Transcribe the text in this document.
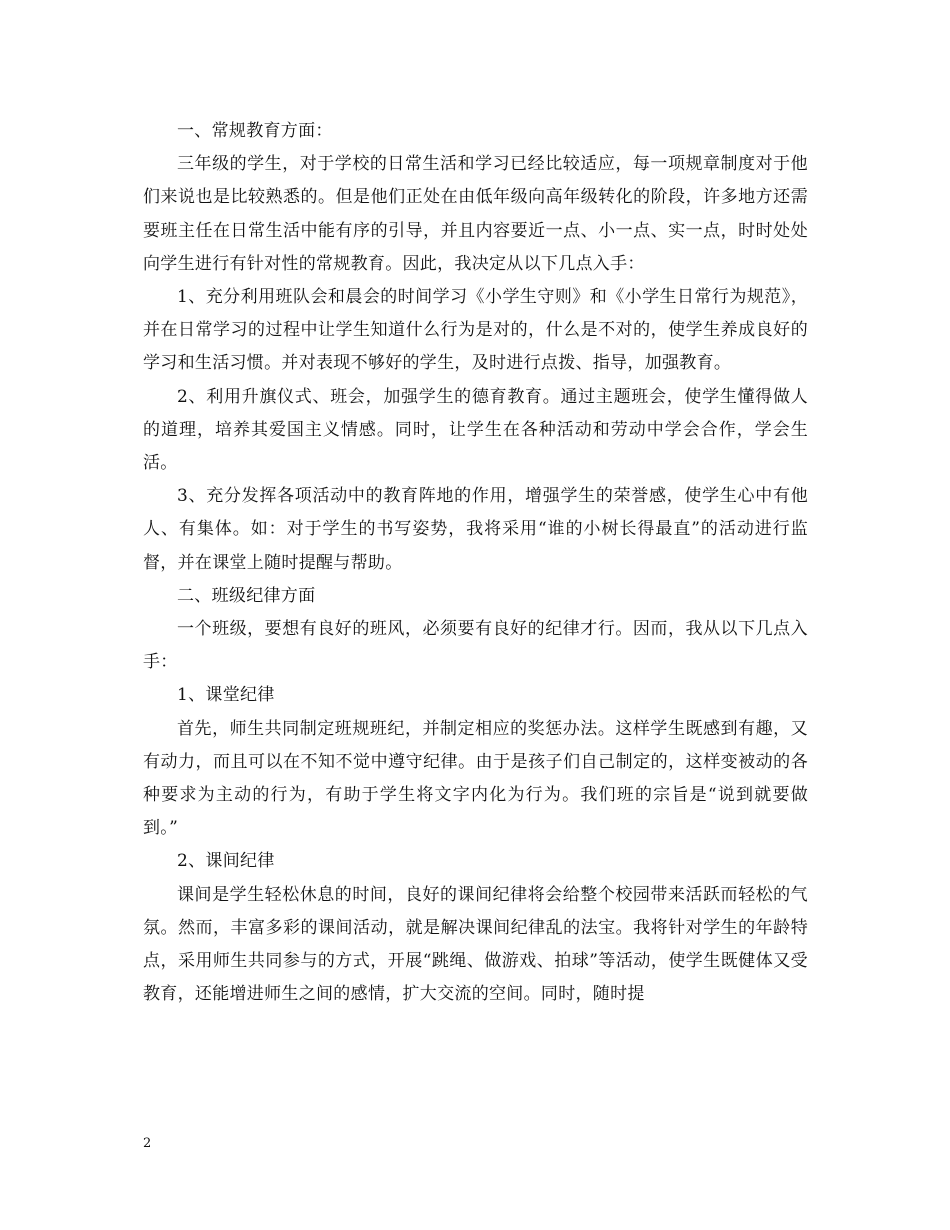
一、常规教育方面：

三年级的学生，对于学校的日常生活和学习已经比较适应，每一项规章制度对于他们来说也是比较熟悉的。但是他们正处在由低年级向高年级转化的阶段，许多地方还需要班主任在日常生活中能有序的引导，并且内容要近一点、小一点、实一点，时时处处向学生进行有针对性的常规教育。因此，我决定从以下几点入手：

1、充分利用班队会和晨会的时间学习《小学生守则》和《小学生日常行为规范》，并在日常学习的过程中让学生知道什么行为是对的，什么是不对的，使学生养成良好的学习和生活习惯。并对表现不够好的学生，及时进行点拨、指导，加强教育。

2、利用升旗仪式、班会，加强学生的德育教育。通过主题班会，使学生懂得做人的道理，培养其爱国主义情感。同时，让学生在各种活动和劳动中学会合作，学会生活。

3、充分发挥各项活动中的教育阵地的作用，增强学生的荣誉感，使学生心中有他人、有集体。如：对于学生的书写姿势，我将采用“谁的小树长得最直”的活动进行监督，并在课堂上随时提醒与帮助。

二、班级纪律方面

一个班级，要想有良好的班风，必须要有良好的纪律才行。因而，我从以下几点入手：

1、课堂纪律

首先，师生共同制定班规班纪，并制定相应的奖惩办法。这样学生既感到有趣，又有动力，而且可以在不知不觉中遵守纪律。由于是孩子们自己制定的，这样变被动的各种要求为主动的行为，有助于学生将文字内化为行为。我们班的宗旨是“说到就要做到。”

2、课间纪律

课间是学生轻松休息的时间，良好的课间纪律将会给整个校园带来活跃而轻松的气氛。然而，丰富多彩的课间活动，就是解决课间纪律乱的法宝。我将针对学生的年龄特点，采用师生共同参与的方式，开展“跳绳、做游戏、拍球”等活动，使学生既健体又受教育，还能增进师生之间的感情，扩大交流的空间。同时，随时提

2
